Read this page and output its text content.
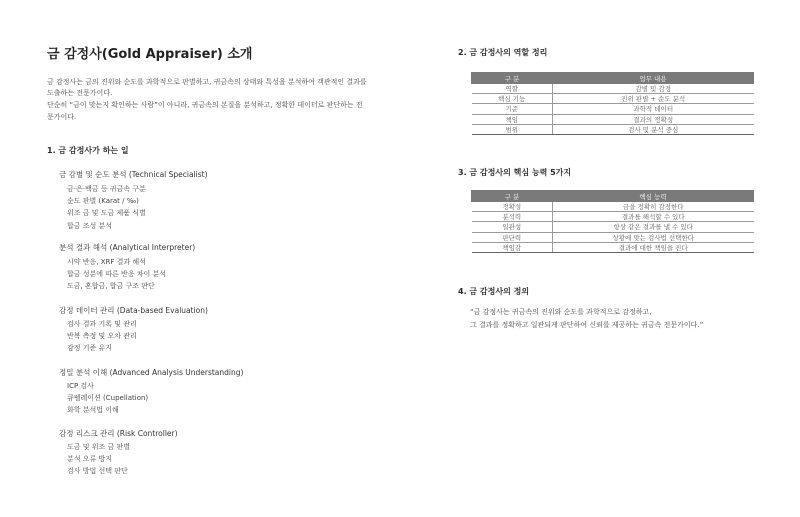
금 감정사(Gold Appraiser) 소개

금 감정사는 금의 진위와 순도를 과학적으로 판별하고, 귀금속의 상태와 특성을 분석하여 객관적인 결과를 도출하는 전문가이다.

단순히 “금이 맞는지 확인하는 사람”이 아니라, 귀금속의 본질을 분석하고, 정확한 데이터로 판단하는 전문가이다.

1. 금 감정사가 하는 일
금 감별 및 순도 분석 (Technical Specialist)
금·은·백금 등 귀금속 구분
순도 판별 (Karat / ‰)
위조 금 및 도금 제품 식별
합금 조성 분석
분석 결과 해석 (Analytical Interpreter)
시약 반응, XRF 결과 해석
합금 성분에 따른 반응 차이 분석
도금, 혼합금, 합금 구조 판단
감정 데이터 관리 (Data-based Evaluation)
검사 결과 기록 및 관리
반복 측정 및 오차 관리
감정 기준 유지
정밀 분석 이해 (Advanced Analysis Understanding)
ICP 검사
큐펠레이션 (Cupellation)
화학 분석법 이해
감정 리스크 관리 (Risk Controller)
도금 및 위조 금 판별
분석 오류 방지
검사 방법 선택 판단
2. 금 감정사의 역할 정리
구 분	업무 내용
역할	감별 및 감정
핵심 기능	진위 판별 + 순도 분석
기준	과학적 데이터
책임	결과의 정확성
범위	검사 및 분석 중심
3. 금 감정사의 핵심 능력 5가지
구 분	핵심 능력
정확성	금을 정확히 감정한다
분석력	결과를 해석할 수 있다
일관성	항상 같은 결과를 낼 수 있다
판단력	상황에 맞는 검사법 선택한다
책임감	결과에 대한 책임을 진다
4. 금 감정사의 정의

“금 감정사는 귀금속의 진위와 순도를 과학적으로 감정하고,

그 결과를 정확하고 일관되게 판단하여 신뢰를 제공하는 귀금속 전문가이다.”
